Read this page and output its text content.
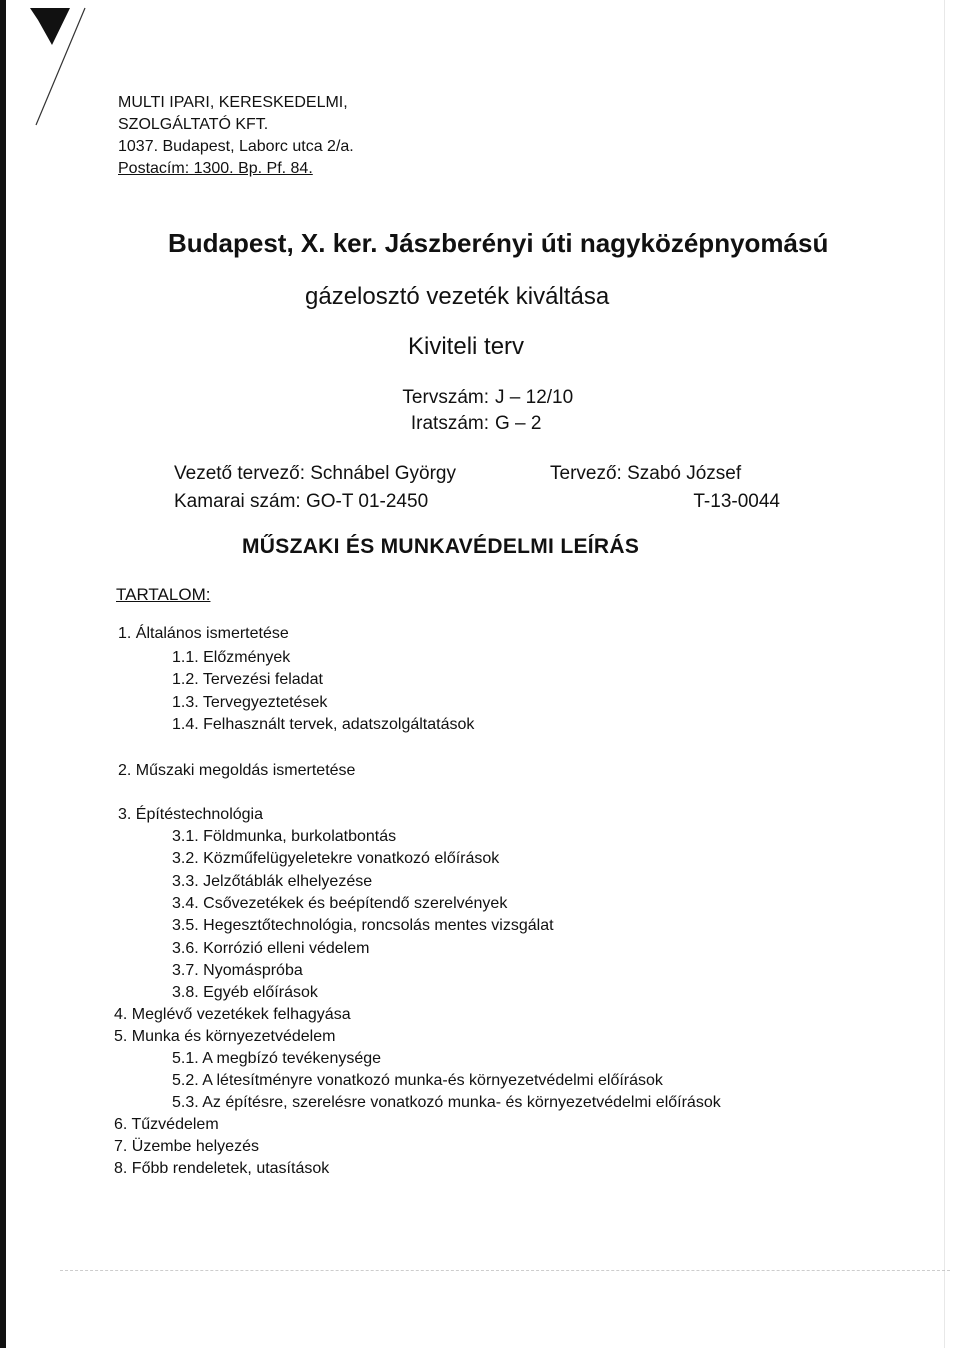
MULTI IPARI, KERESKEDELMI,
SZOLGÁLTATÓ KFT.
1037. Budapest, Laborc utca 2/a.
Postacím: 1300. Bp. Pf. 84.
Budapest, X. ker. Jászberényi úti nagyközépnyomású
gázelosztó vezeték kiváltása
Kiviteli terv
Tervszám: J – 12/10
Iratszám: G – 2
Vezető tervező: Schnábel György
Kamarai szám: GO-T 01-2450
Tervező: Szabó József
T-13-0044
MŰSZAKI ÉS MUNKAVÉDELMI LEÍRÁS
TARTALOM:
1. Általános ismertetése
1.1. Előzmények
1.2. Tervezési feladat
1.3. Tervegyeztetések
1.4. Felhasznált tervek, adatszolgáltatások
2. Műszaki megoldás ismertetése
3. Építéstechnológia
3.1. Földmunka, burkolatbontás
3.2. Közműfelügyeletekre vonatkozó előírások
3.3. Jelzőtáblák elhelyezése
3.4. Csővezetékek és beépítendő szerelvények
3.5. Hegesztőtechnológia, roncsolás mentes vizsgálat
3.6. Korrózió elleni védelem
3.7. Nyomáspróba
3.8. Egyéb előírások
4. Meglévő vezetékek felhagyása
5. Munka és környezetvédelem
5.1. A megbízó tevékenysége
5.2. A létesítményre vonatkozó munka-és környezetvédelmi előírások
5.3. Az építésre, szerelésre vonatkozó munka- és környezetvédelmi előírások
6. Tűzvédelem
7. Üzembe helyezés
8. Főbb rendeletek, utasítások
